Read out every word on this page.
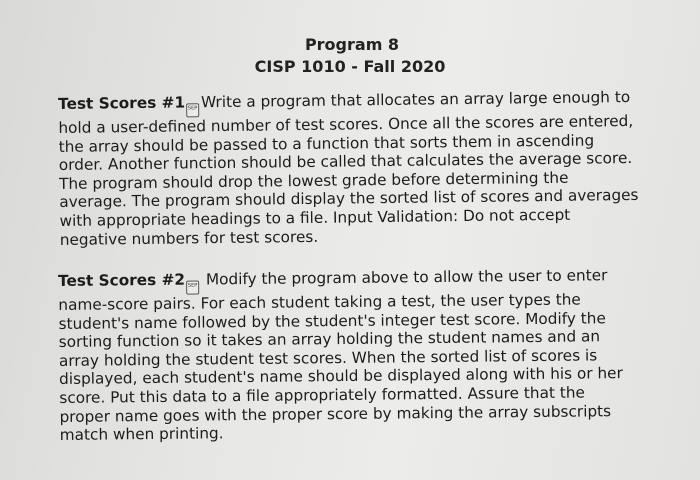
Program 8
CISP 1010 - Fall 2020
Test Scores #1 SEP Write a program that allocates an array large enough to hold a user-defined number of test scores. Once all the scores are entered, the array should be passed to a function that sorts them in ascending order. Another function should be called that calculates the average score. The program should drop the lowest grade before determining the average. The program should display the sorted list of scores and averages with appropriate headings to a file. Input Validation: Do not accept negative numbers for test scores.
Test Scores #2 SEP Modify the program above to allow the user to enter name-score pairs. For each student taking a test, the user types the student's name followed by the student's integer test score. Modify the sorting function so it takes an array holding the student names and an array holding the student test scores. When the sorted list of scores is displayed, each student's name should be displayed along with his or her score. Put this data to a file appropriately formatted. Assure that the proper name goes with the proper score by making the array subscripts match when printing.
